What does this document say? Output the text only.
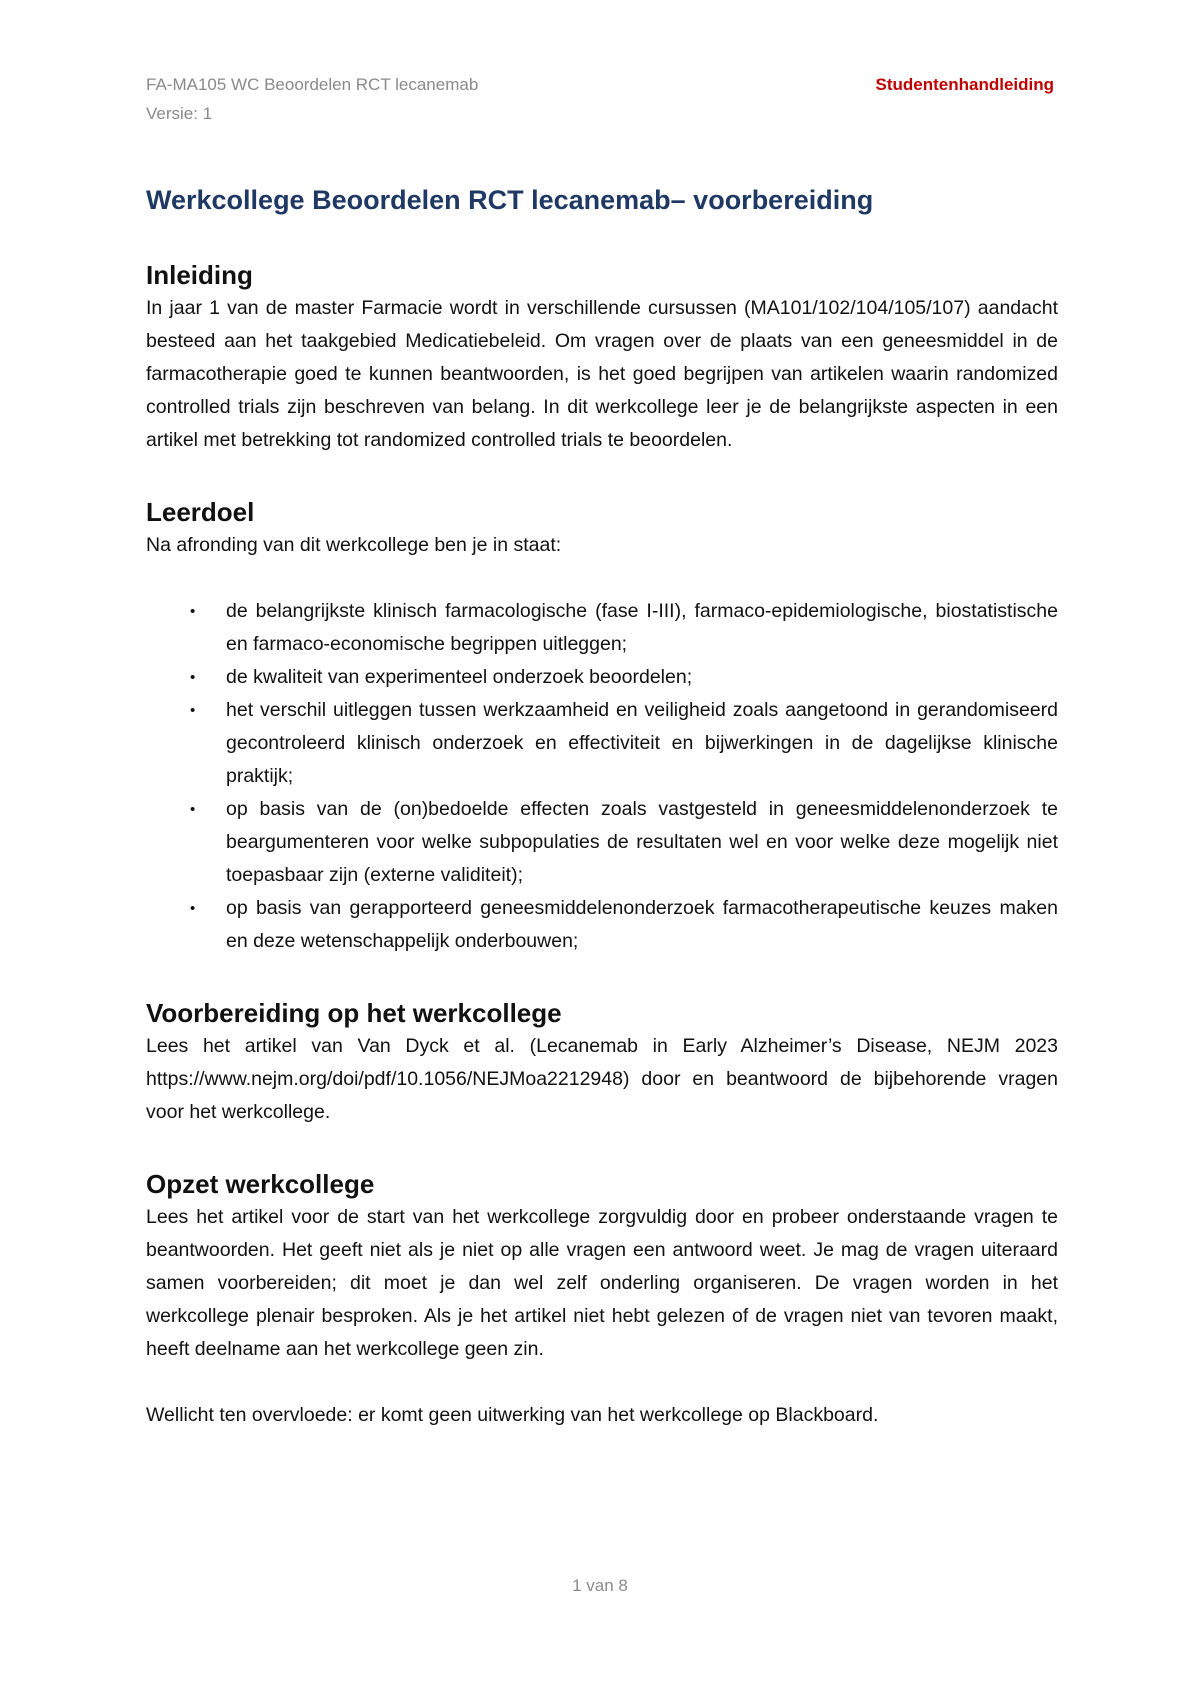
FA-MA105 WC Beoordelen RCT lecanemab
Versie: 1
Studentenhandleiding
Werkcollege Beoordelen RCT lecanemab– voorbereiding
Inleiding

In jaar 1 van de master Farmacie wordt in verschillende cursussen (MA101/102/104/105/107) aandacht besteed aan het taakgebied Medicatiebeleid. Om vragen over de plaats van een geneesmiddel in de farmacotherapie goed te kunnen beantwoorden, is het goed begrijpen van artikelen waarin randomized controlled trials zijn beschreven van belang. In dit werkcollege leer je de belangrijkste aspecten in een artikel met betrekking tot randomized controlled trials te beoordelen.

Leerdoel

Na afronding van dit werkcollege ben je in staat:

• de belangrijkste klinisch farmacologische (fase I-III), farmaco-epidemiologische, biostatistische en farmaco-economische begrippen uitleggen;
• de kwaliteit van experimenteel onderzoek beoordelen;
• het verschil uitleggen tussen werkzaamheid en veiligheid zoals aangetoond in gerandomiseerd gecontroleerd klinisch onderzoek en effectiviteit en bijwerkingen in de dagelijkse klinische praktijk;
• op basis van de (on)bedoelde effecten zoals vastgesteld in geneesmiddelenonderzoek te beargumenteren voor welke subpopulaties de resultaten wel en voor welke deze mogelijk niet toepasbaar zijn (externe validiteit);
• op basis van gerapporteerd geneesmiddelenonderzoek farmacotherapeutische keuzes maken en deze wetenschappelijk onderbouwen;
Voorbereiding op het werkcollege

Lees het artikel van Van Dyck et al. (Lecanemab in Early Alzheimer’s Disease, NEJM 2023 https://www.nejm.org/doi/pdf/10.1056/NEJMoa2212948) door en beantwoord de bijbehorende vragen voor het werkcollege.

Opzet werkcollege

Lees het artikel voor de start van het werkcollege zorgvuldig door en probeer onderstaande vragen te beantwoorden. Het geeft niet als je niet op alle vragen een antwoord weet. Je mag de vragen uiteraard samen voorbereiden; dit moet je dan wel zelf onderling organiseren. De vragen worden in het werkcollege plenair besproken. Als je het artikel niet hebt gelezen of de vragen niet van tevoren maakt, heeft deelname aan het werkcollege geen zin.

Wellicht ten overvloede: er komt geen uitwerking van het werkcollege op Blackboard.

1 van 8
